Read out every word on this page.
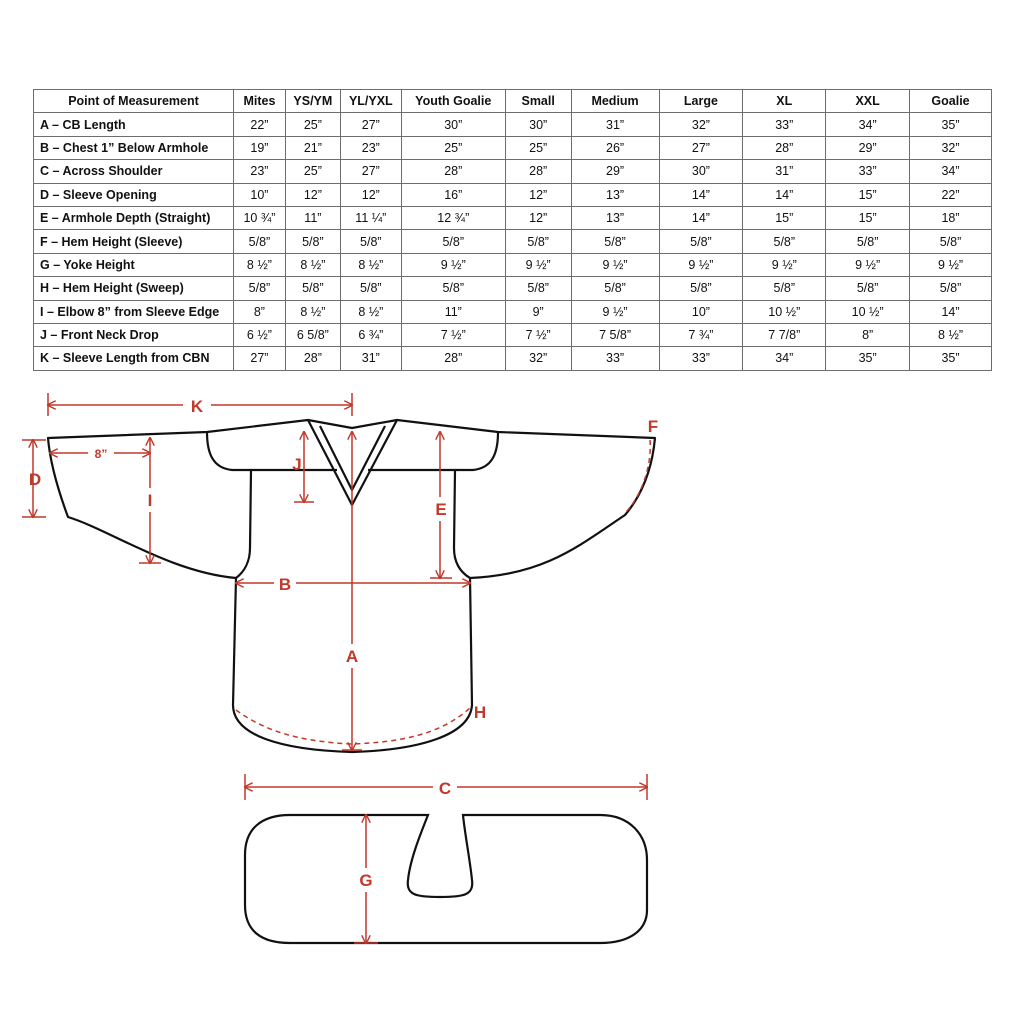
Point of Measurement	Mites	YS/YM	YL/YXL	Youth Goalie	Small	Medium	Large	XL	XXL	Goalie
A – CB Length	22”	25”	27”	30”	30”	31”	32”	33”	34”	35”
B – Chest 1” Below Armhole	19”	21”	23”	25”	25”	26”	27”	28”	29”	32”
C – Across Shoulder	23”	25”	27”	28”	28”	29”	30”	31”	33”	34”
D – Sleeve Opening	10”	12”	12”	16”	12”	13”	14”	14”	15”	22”
E – Armhole Depth (Straight)	10 ¾”	11”	11 ¼”	12 ¾”	12”	13”	14”	15”	15”	18”
F – Hem Height (Sleeve)	5/8”	5/8”	5/8”	5/8”	5/8”	5/8”	5/8”	5/8”	5/8”	5/8”
G – Yoke Height	8 ½”	8 ½”	8 ½”	9 ½”	9 ½”	9 ½”	9 ½”	9 ½”	9 ½”	9 ½”
H – Hem Height (Sweep)	5/8”	5/8”	5/8”	5/8”	5/8”	5/8”	5/8”	5/8”	5/8”	5/8”
I – Elbow 8” from Sleeve Edge	8”	8 ½”	8 ½”	11”	9”	9 ½”	10”	10 ½”	10 ½”	14”
J – Front Neck Drop	6 ½”	6 5/8”	6 ¾”	7 ½”	7 ½”	7 5/8”	7 ¾”	7 7/8”	8”	8 ½”
K – Sleeve Length from CBN	27”	28”	31”	28”	32”	33”	33”	34”	35”	35”
K
D
8”
I
J
E
F
B
A
H
C
G
